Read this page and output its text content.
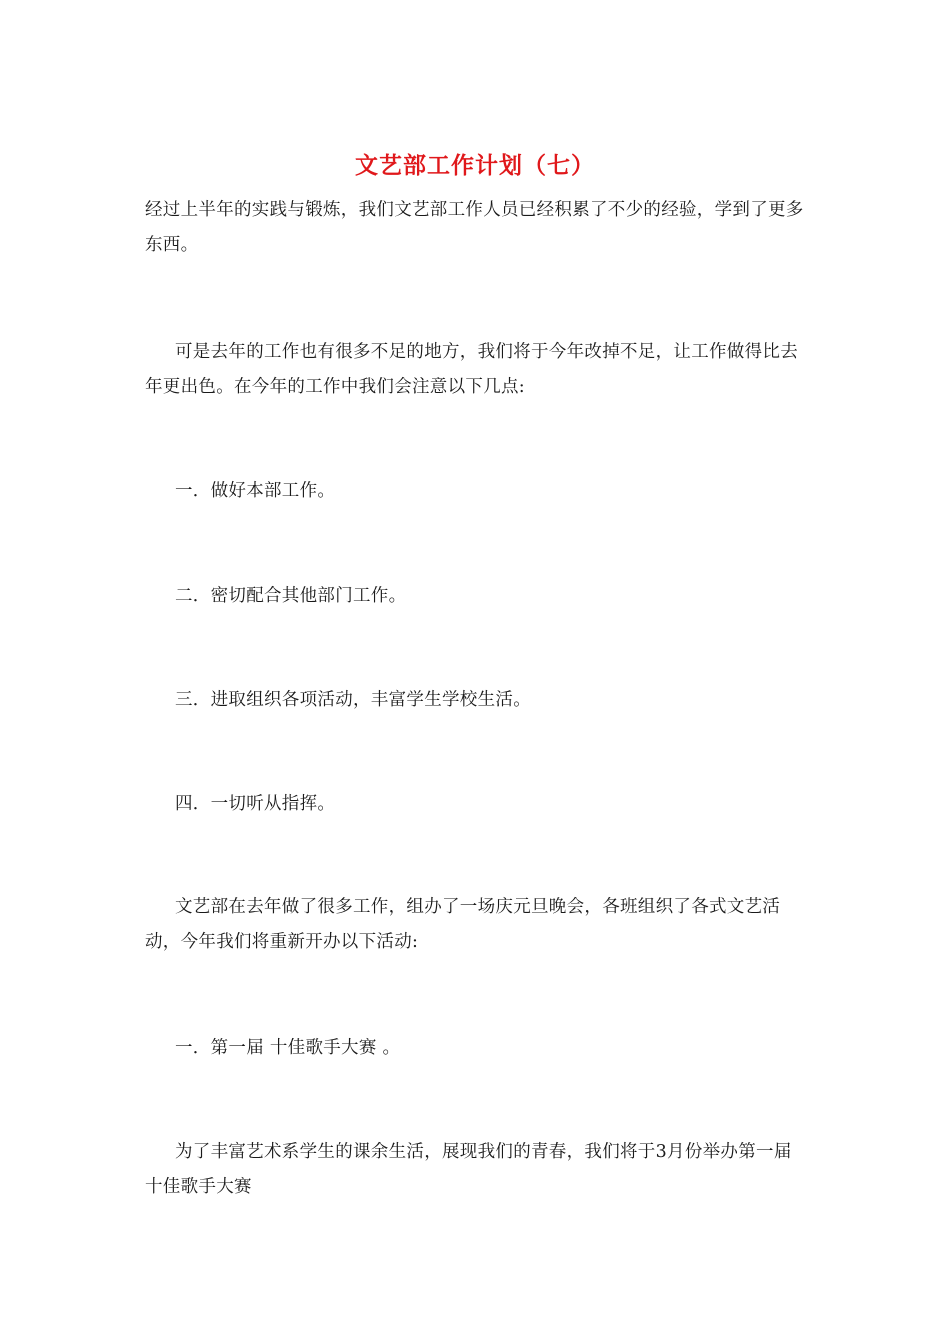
文艺部工作计划（七）
经过上半年的实践与锻炼，我们文艺部工作人员已经积累了不少的经验，学到了更多东西。
可是去年的工作也有很多不足的地方，我们将于今年改掉不足，让工作做得比去年更出色。在今年的工作中我们会注意以下几点:
一．做好本部工作。
二．密切配合其他部门工作。
三．进取组织各项活动，丰富学生学校生活。
四．一切听从指挥。
文艺部在去年做了很多工作，组办了一场庆元旦晚会，各班组织了各式文艺活动，今年我们将重新开办以下活动:
一．第一届 十佳歌手大赛 。
为了丰富艺术系学生的课余生活，展现我们的青春，我们将于3月份举办第一届 十佳歌手大赛
